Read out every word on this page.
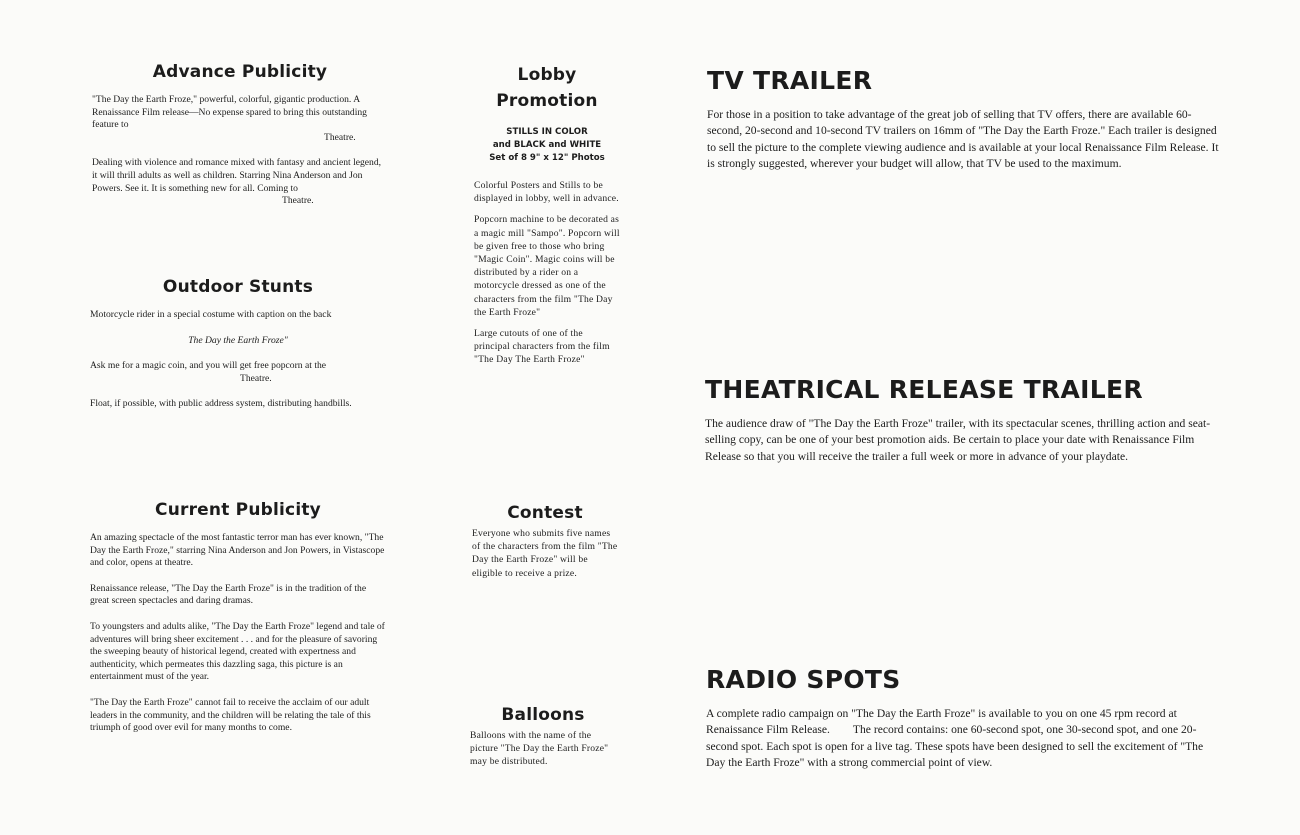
Advance Publicity

"The Day the Earth Froze," powerful, colorful, gigantic production. A Renaissance Film release—No expense spared to bring this outstanding feature to
Theatre.

Dealing with violence and romance mixed with fantasy and ancient legend, it will thrill adults as well as children. Starring Nina Anderson and Jon Powers. See it. It is something new for all. Coming to
Theatre.

Outdoor Stunts

Motorcycle rider in a special costume with caption on the back

The Day the Earth Froze"

Ask me for a magic coin, and you will get free popcorn at the Theatre.

Float, if possible, with public address system, distributing handbills.

Current Publicity

An amazing spectacle of the most fantastic terror man has ever known, "The Day the Earth Froze," starring Nina Anderson and Jon Powers, in Vistascope and color, opens at theatre.

Renaissance release, "The Day the Earth Froze" is in the tradition of the great screen spectacles and daring dramas.

To youngsters and adults alike, "The Day the Earth Froze" legend and tale of adventures will bring sheer excitement . . . and for the pleasure of savoring the sweeping beauty of historical legend, created with expertness and authenticity, which permeates this dazzling saga, this picture is an entertainment must of the year.

"The Day the Earth Froze" cannot fail to receive the acclaim of our adult leaders in the community, and the children will be relating the tale of this triumph of good over evil for many months to come.

Lobby
Promotion
STILLS IN COLOR
and BLACK and WHITE
Set of 8 9" x 12" Photos

Colorful Posters and Stills to be displayed in lobby, well in advance.

Popcorn machine to be decorated as a magic mill "Sampo". Popcorn will be given free to those who bring "Magic Coin". Magic coins will be distributed by a rider on a motorcycle dressed as one of the characters from the film "The Day the Earth Froze"

Large cutouts of one of the principal characters from the film "The Day The Earth Froze"

Contest

Everyone who submits five names of the characters from the film "The Day the Earth Froze" will be eligible to receive a prize.

Balloons

Balloons with the name of the picture "The Day the Earth Froze" may be distributed.

TV TRAILER

For those in a position to take advantage of the great job of selling that TV offers, there are available 60-second, 20-second and 10-second TV trailers on 16mm of "The Day the Earth Froze." Each trailer is designed to sell the picture to the complete viewing audience and is available at your local Renaissance Film Release. It is strongly suggested, wherever your budget will allow, that TV be used to the maximum.

THEATRICAL RELEASE TRAILER

The audience draw of "The Day the Earth Froze" trailer, with its spectacular scenes, thrilling action and seat-selling copy, can be one of your best promotion aids. Be certain to place your date with Renaissance Film Release so that you will receive the trailer a full week or more in advance of your playdate.

RADIO SPOTS

A complete radio campaign on "The Day the Earth Froze" is available to you on one 45 rpm record at Renaissance Film Release.        The record contains: one 60-second spot, one 30-second spot, and one 20-second spot. Each spot is open for a live tag. These spots have been designed to sell the excitement of "The Day the Earth Froze" with a strong commercial point of view.
